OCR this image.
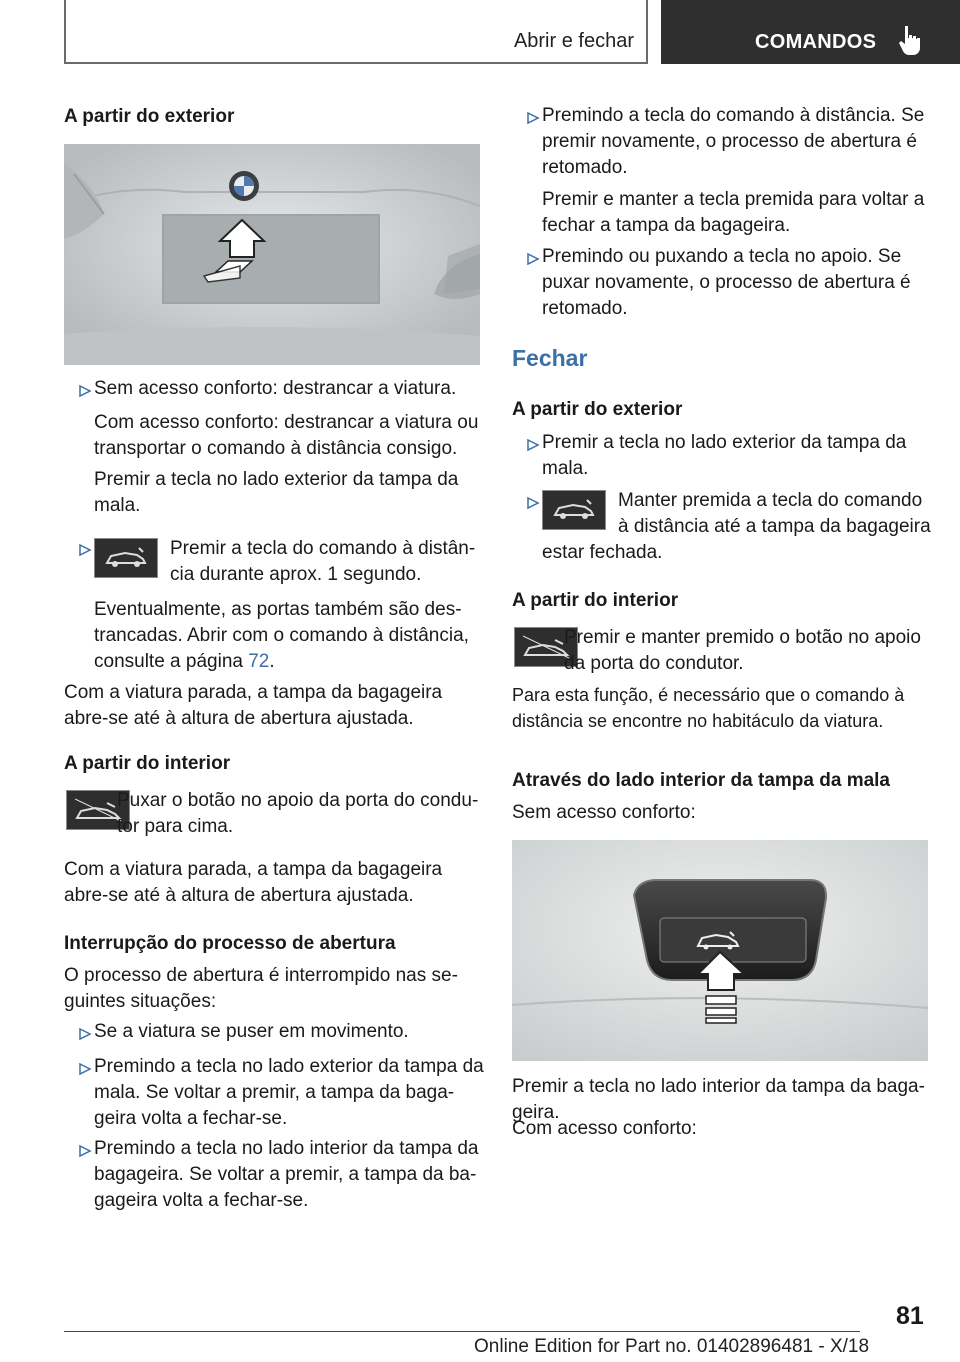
Abrir e fechar	COMANDOS
A partir do exterior
Sem acesso conforto: destrancar a viatura.
Com acesso conforto: destrancar a viatura ou
transportar o comando à distância consigo.
Premir a tecla no lado exterior da tampa da
mala.
Premir a tecla do comando à distân‐
cia durante aprox. 1 segundo.
Eventualmente, as portas também são des‐
trancadas. Abrir com o comando à distância,
consulte a página 72.
Com a viatura parada, a tampa da bagageira
abre‐se até à altura de abertura ajustada.
A partir do interior
Puxar o botão no apoio da porta do condu‐
tor para cima.
Com a viatura parada, a tampa da bagageira
abre‐se até à altura de abertura ajustada.
Interrupção do processo de abertura
O processo de abertura é interrompido nas se‐
guintes situações:
Se a viatura se puser em movimento.
Premindo a tecla no lado exterior da tampa da
mala. Se voltar a premir, a tampa da baga‐
geira volta a fechar‐se.
Premindo a tecla no lado interior da tampa da
bagageira. Se voltar a premir, a tampa da ba‐
gageira volta a fechar‐se.
Premindo a tecla do comando à distância. Se
premir novamente, o processo de abertura é
retomado.
Premir e manter a tecla premida para voltar a
fechar a tampa da bagageira.
Premindo ou puxando a tecla no apoio. Se
puxar novamente, o processo de abertura é
retomado.
Fechar
A partir do exterior
Premir a tecla no lado exterior da tampa da
mala.
Manter premida a tecla do comando
à distância até a tampa da bagageira
estar fechada.
A partir do interior
Premir e manter premido o botão no apoio
da porta do condutor.
Para esta função, é necessário que o comando à
distância se encontre no habitáculo da viatura.
Através do lado interior da tampa da mala
Sem acesso conforto:
Premir a tecla no lado interior da tampa da baga‐
geira.
Com acesso conforto:
81
Online Edition for Part no. 01402896481 - X/18
